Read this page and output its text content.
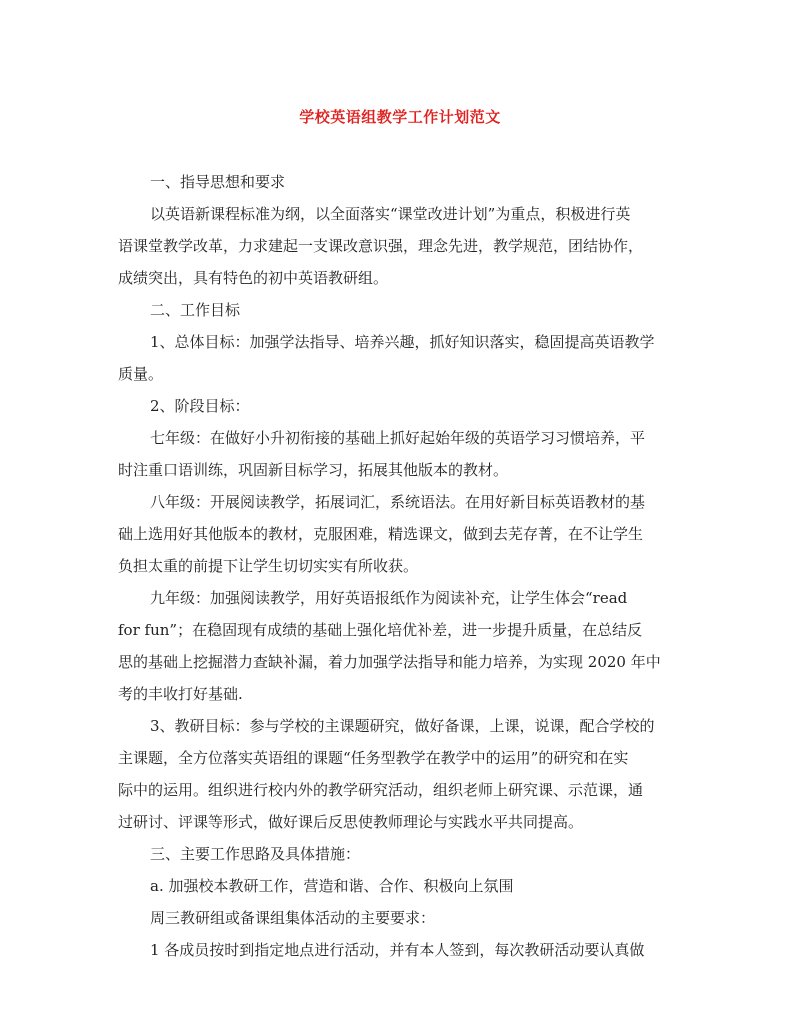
学校英语组教学工作计划范文
一、指导思想和要求
以英语新课程标准为纲，以全面落实“课堂改进计划”为重点，积极进行英
语课堂教学改革，力求建起一支课改意识强，理念先进，教学规范，团结协作，
成绩突出，具有特色的初中英语教研组。
二、工作目标
1、总体目标：加强学法指导、培养兴趣，抓好知识落实，稳固提高英语教学
质量。
2、阶段目标：
七年级：在做好小升初衔接的基础上抓好起始年级的英语学习习惯培养，平
时注重口语训练，巩固新目标学习，拓展其他版本的教材。
八年级：开展阅读教学，拓展词汇，系统语法。在用好新目标英语教材的基
础上选用好其他版本的教材，克服困难，精选课文，做到去芜存菁，在不让学生
负担太重的前提下让学生切切实实有所收获。
九年级：加强阅读教学，用好英语报纸作为阅读补充，让学生体会“read
for fun”；在稳固现有成绩的基础上强化培优补差，进一步提升质量，在总结反
思的基础上挖掘潜力查缺补漏，着力加强学法指导和能力培养，为实现 2020 年中
考的丰收打好基础.
3、教研目标：参与学校的主课题研究，做好备课，上课，说课，配合学校的
主课题，全方位落实英语组的课题“任务型教学在教学中的运用”的研究和在实
际中的运用。组织进行校内外的教学研究活动，组织老师上研究课、示范课，通
过研讨、评课等形式，做好课后反思使教师理论与实践水平共同提高。
三、主要工作思路及具体措施：
a. 加强校本教研工作，营造和谐、合作、积极向上氛围
周三教研组或备课组集体活动的主要要求：
1 各成员按时到指定地点进行活动，并有本人签到，每次教研活动要认真做
